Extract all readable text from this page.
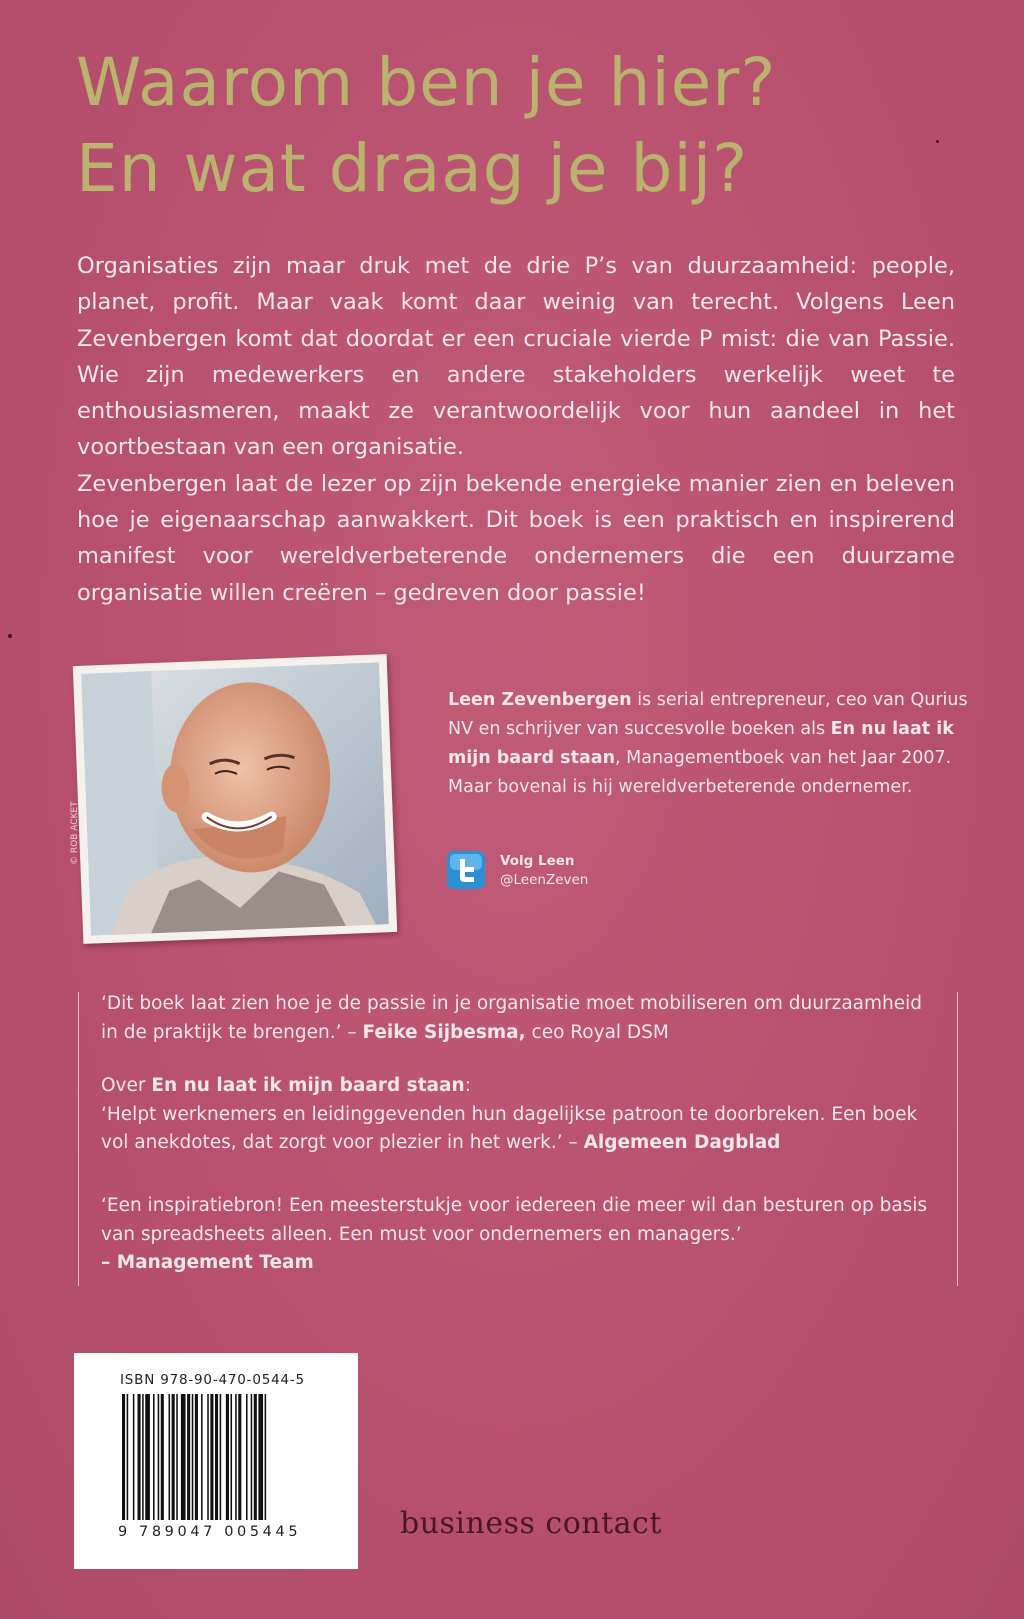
Waarom ben je hier?
En wat draag je bij?

Organisaties zijn maar druk met de drie P’s van duurzaamheid: people, planet, profit. Maar vaak komt daar weinig van terecht. Volgens Leen Zevenbergen komt dat doordat er een cruciale vierde P mist: die van Passie. Wie zijn medewerkers en andere stakeholders werkelijk weet te enthousiasmeren, maakt ze verantwoordelijk voor hun aandeel in het voortbestaan van een organisatie.

Zevenbergen laat de lezer op zijn bekende energieke manier zien en beleven hoe je eigenaarschap aanwakkert. Dit boek is een praktisch en inspirerend manifest voor wereldverbeterende ondernemers die een duurzame organisatie willen creëren – gedreven door passie!

© ROB ACKET
Leen Zevenbergen is serial entrepreneur, ceo van Qurius NV en schrijver van succesvolle boeken als En nu laat ik mijn baard staan, Managementboek van het Jaar 2007. Maar bovenal is hij wereldverbeterende ondernemer.
Volg Leen
@LeenZeven
‘Dit boek laat zien hoe je de passie in je organisatie moet mobiliseren om duurzaamheid in de praktijk te brengen.’ – Feike Sijbesma, ceo Royal DSM
Over En nu laat ik mijn baard staan:
‘Helpt werknemers en leidinggevenden hun dagelijkse patroon te doorbreken. Een boek vol anekdotes, dat zorgt voor plezier in het werk.’ – Algemeen Dagblad
‘Een inspiratiebron! Een meesterstukje voor iedereen die meer wil dan besturen op basis van spreadsheets alleen. Een must voor ondernemers en managers.’
– Management Team
ISBN 978-90-470-0544-5
9 789047 005445	business contact
